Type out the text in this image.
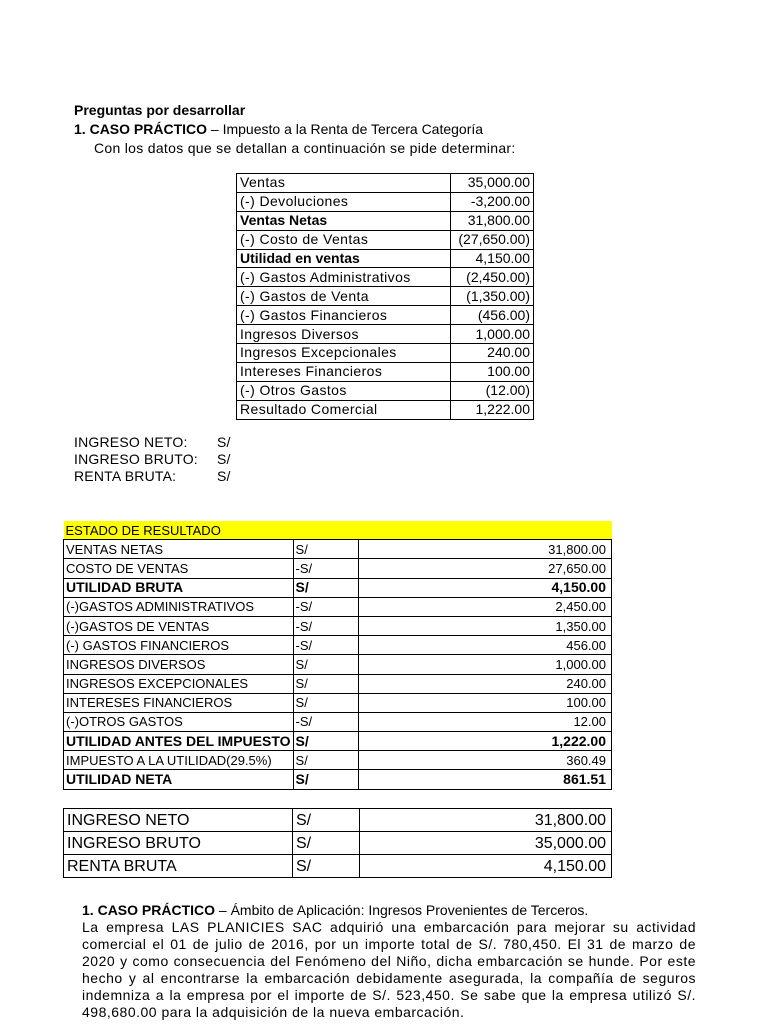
Preguntas por desarrollar
1. CASO PRÁCTICO – Impuesto a la Renta de Tercera Categoría
Con los datos que se detallan a continuación se pide determinar:
Ventas	35,000.00
(-) Devoluciones	-3,200.00
Ventas Netas	31,800.00
(-) Costo de Ventas	(27,650.00)
Utilidad en ventas	4,150.00
(-) Gastos Administrativos	(2,450.00)
(-) Gastos de Venta	(1,350.00)
(-) Gastos Financieros	(456.00)
Ingresos Diversos	1,000.00
Ingresos Excepcionales	240.00
Intereses Financieros	100.00
(-) Otros Gastos	(12.00)
Resultado Comercial	1,222.00
ESTADO DE RESULTADO		
VENTAS NETAS	S/	31,800.00
COSTO DE VENTAS	-S/	27,650.00
UTILIDAD BRUTA	S/	4,150.00
(-)GASTOS ADMINISTRATIVOS	-S/	2,450.00
(-)GASTOS DE VENTAS	-S/	1,350.00
(-) GASTOS FINANCIEROS	-S/	456.00
INGRESOS DIVERSOS	S/	1,000.00
INGRESOS EXCEPCIONALES	S/	240.00
INTERESES FINANCIEROS	S/	100.00
(-)OTROS GASTOS	-S/	12.00
UTILIDAD ANTES DEL IMPUESTO	S/	1,222.00
IMPUESTO A LA UTILIDAD(29.5%)	S/	360.49
UTILIDAD NETA	S/	861.51
INGRESO NETO	S/	31,800.00
INGRESO BRUTO	S/	35,000.00
RENTA BRUTA	S/	4,150.00
1. CASO PRÁCTICO – Ámbito de Aplicación: Ingresos Provenientes de Terceros.
La empresa LAS PLANICIES SAC adquirió una embarcación para mejorar su actividad comercial el 01 de julio de 2016, por un importe total de S/. 780,450. El 31 de marzo de 2020 y como consecuencia del Fenómeno del Niño, dicha embarcación se hunde. Por este hecho y al encontrarse la embarcación debidamente asegurada, la compañía de seguros indemniza a la empresa por el importe de S/. 523,450. Se sabe que la empresa utilizó S/. 498,680.00 para la adquisición de la nueva embarcación.
INGRESO NETO: S/
INGRESO BRUTO: S/
RENTA BRUTA:	S/
